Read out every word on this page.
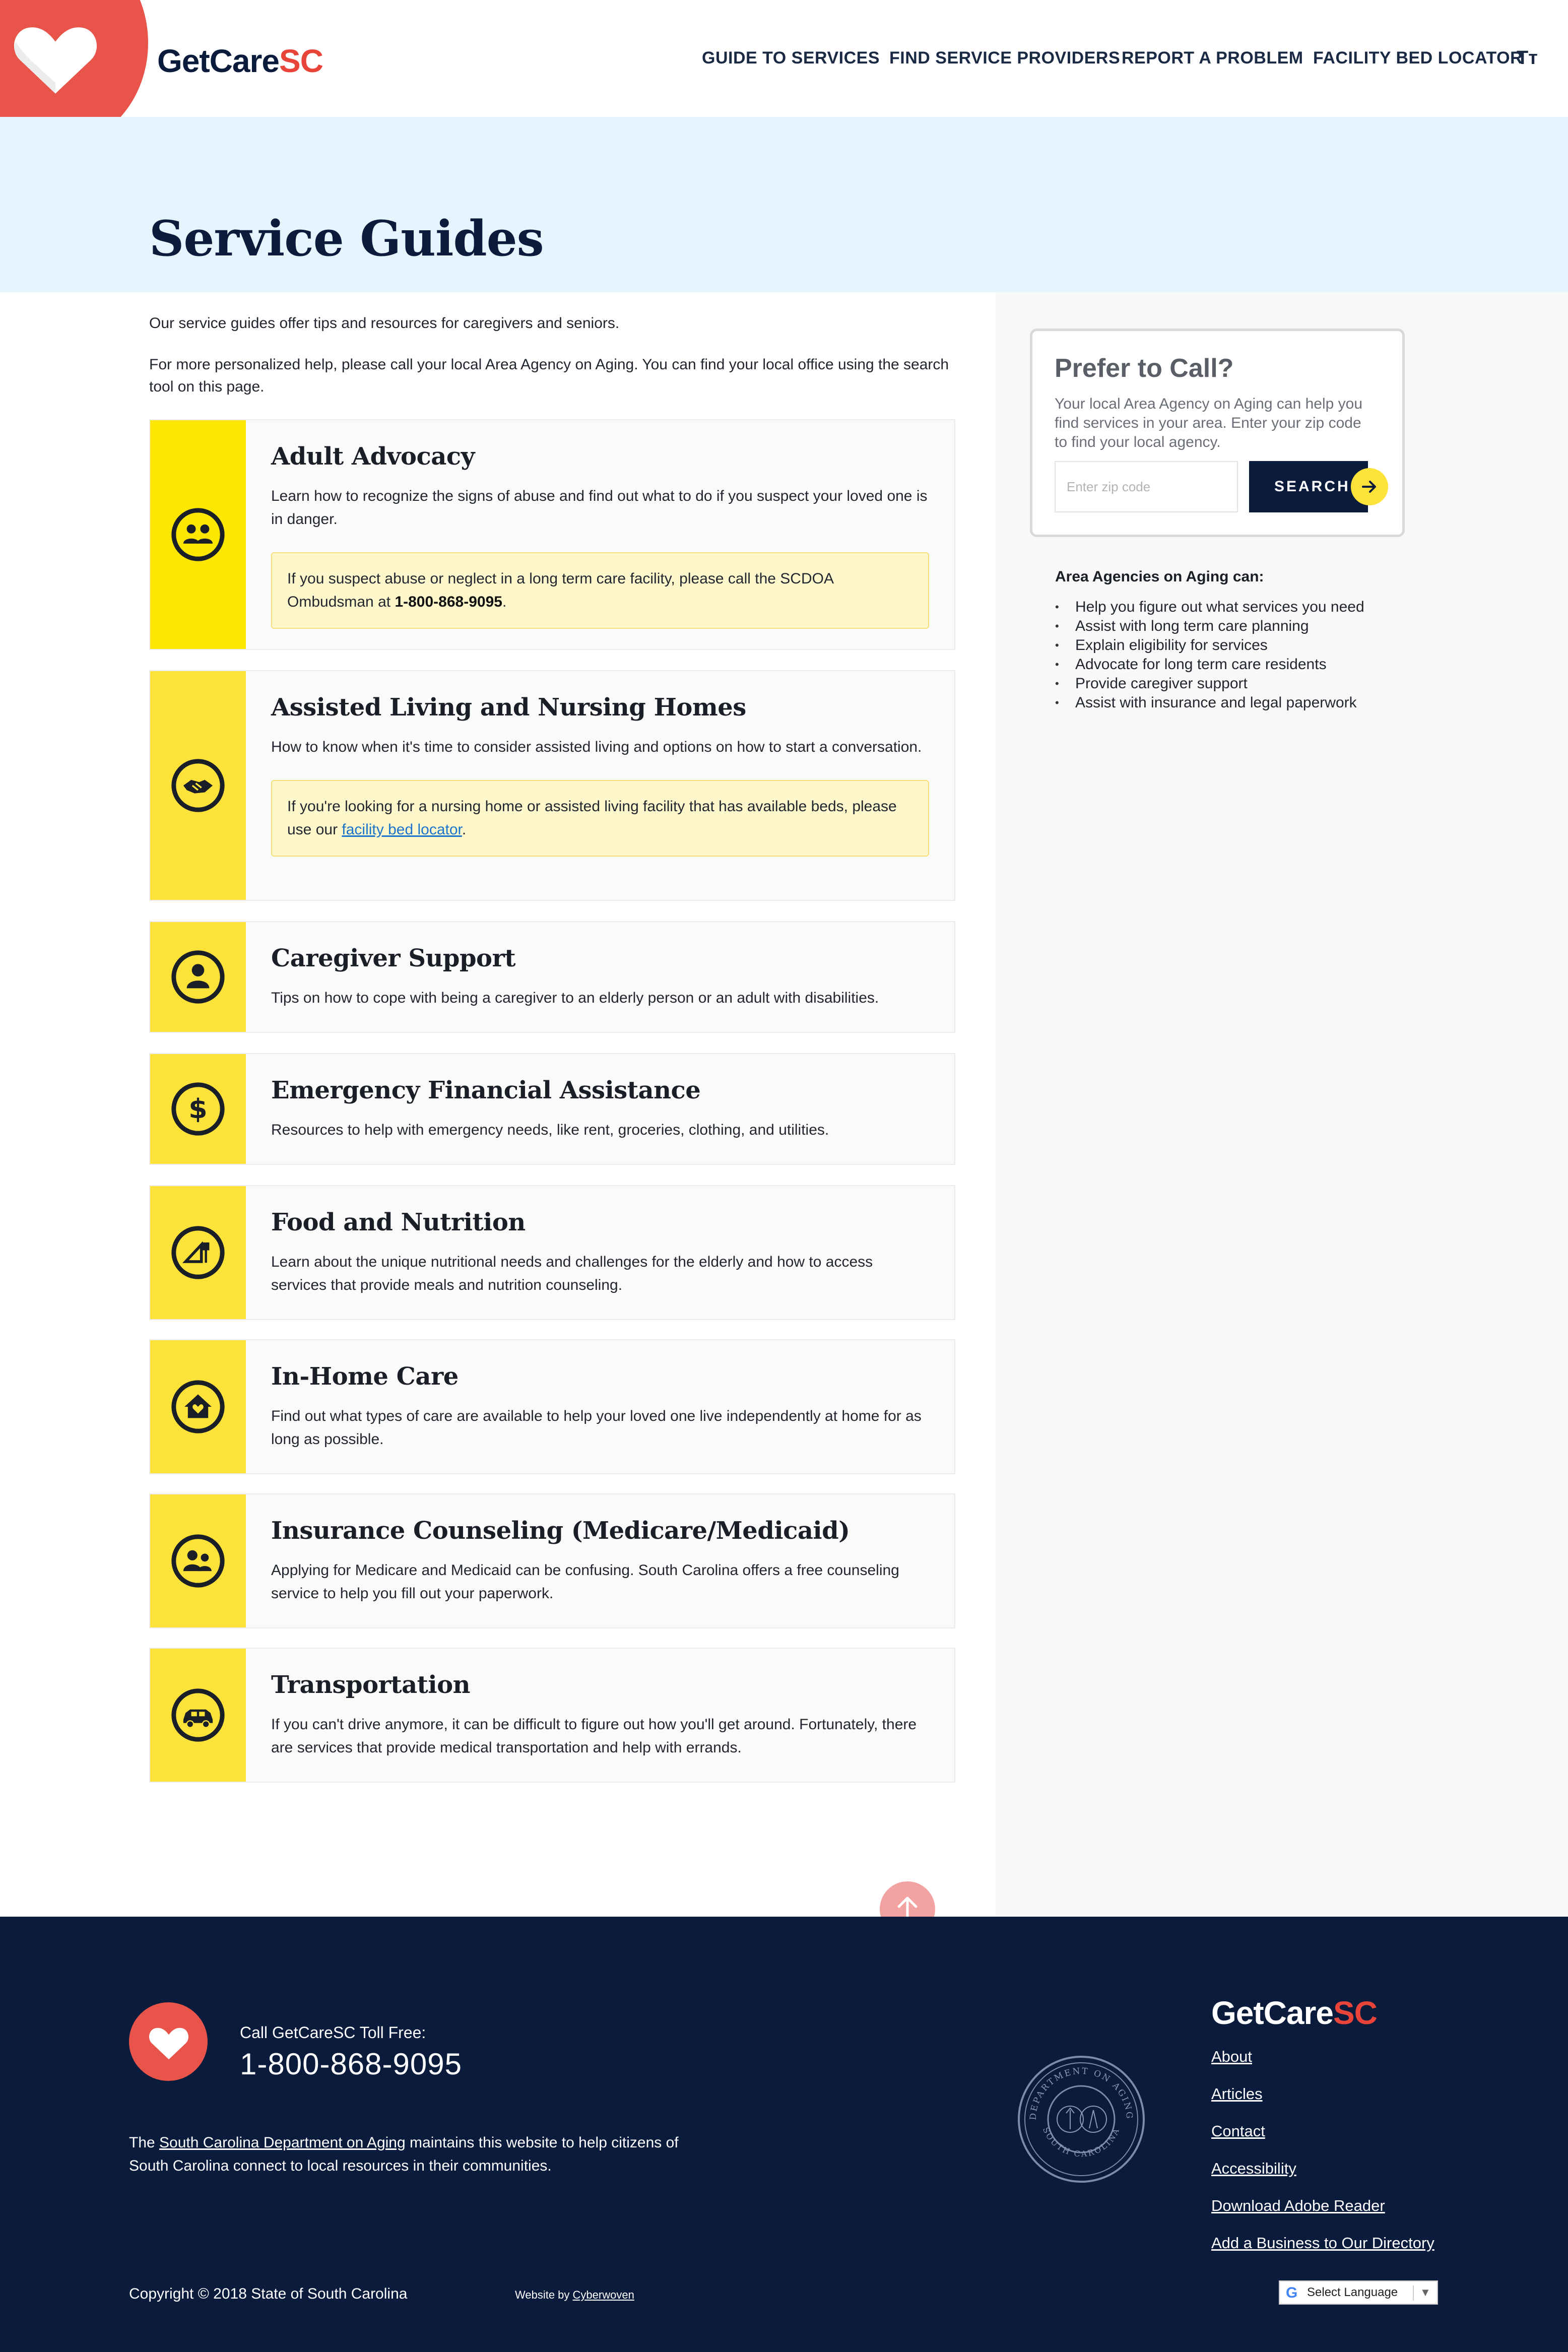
GetCareSC	GUIDE TO SERVICES FIND SERVICE PROVIDERS REPORT A PROBLEM FACILITY BED LOCATOR
Tт
Service Guides

Our service guides offer tips and resources for caregivers and seniors.

For more personalized help, please call your local Area Agency on Aging. You can find your local office using the search tool on this page.

Adult Advocacy

Learn how to recognize the signs of abuse and find out what to do if you suspect your loved one is in danger.

If you suspect abuse or neglect in a long term care facility, please call the SCDOA Ombudsman at 1-800-868-9095.
Assisted Living and Nursing Homes

How to know when it's time to consider assisted living and options on how to start a conversation.

If you're looking for a nursing home or assisted living facility that has available beds, please use our facility bed locator.
Caregiver Support

Tips on how to cope with being a caregiver to an elderly person or an adult with disabilities.

$
Emergency Financial Assistance

Resources to help with emergency needs, like rent, groceries, clothing, and utilities.

Food and Nutrition

Learn about the unique nutritional needs and challenges for the elderly and how to access services that provide meals and nutrition counseling.

In-Home Care

Find out what types of care are available to help your loved one live independently at home for as long as possible.

Insurance Counseling (Medicare/Medicaid)

Applying for Medicare and Medicaid can be confusing. South Carolina offers a free counseling service to help you fill out your paperwork.

Transportation

If you can't drive anymore, it can be difficult to figure out how you'll get around. Fortunately, there are services that provide medical transportation and help with errands.

Prefer to Call?

Your local Area Agency on Aging can help you find services in your area. Enter your zip code to find your local agency.

Enter zip code
SEARCH
Area Agencies on Aging can:
• Help you figure out what services you need
• Assist with long term care planning
• Explain eligibility for services
• Advocate for long term care residents
• Provide caregiver support
• Assist with insurance and legal paperwork
Call GetCareSC Toll Free:
1-800-868-9095

The South Carolina Department on Aging maintains this website to help citizens of South Carolina connect to local resources in their communities.

DEPARTMENT ON AGING
SOUTH CAROLINA
GetCareSC
About
Articles
Contact
Accessibility
Download Adobe Reader
Add a Business to Our Directory
Copyright © 2018 State of South Carolina	Website by Cyberwoven	G Select Language ▼
